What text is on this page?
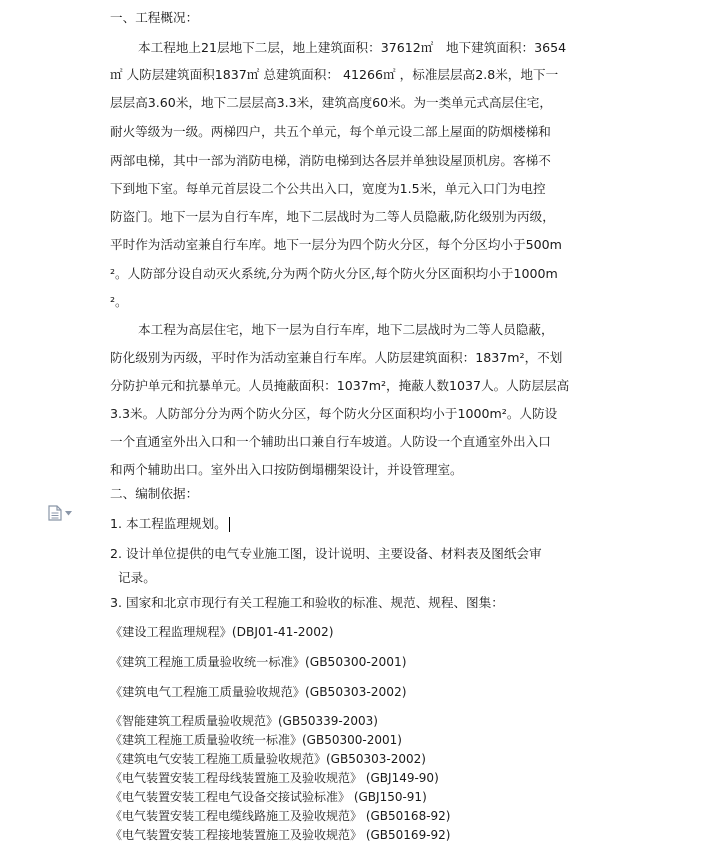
一、工程概况：
本工程地上21层地下二层，地上建筑面积：37612㎡　地下建筑面积：3654
㎡ 人防层建筑面积1837㎡ 总建筑面积： 41266㎡ ，标准层层高2.8米，地下一
层层高3.60米，地下二层层高3.3米，建筑高度60米。为一类单元式高层住宅，
耐火等级为一级。两梯四户，共五个单元，每个单元设二部上屋面的防烟楼梯和
两部电梯，其中一部为消防电梯，消防电梯到达各层并单独设屋顶机房。客梯不
下到地下室。每单元首层设二个公共出入口，宽度为1.5米，单元入口门为电控
防盗门。地下一层为自行车库，地下二层战时为二等人员隐蔽,防化级别为丙级，
平时作为活动室兼自行车库。地下一层分为四个防火分区，每个分区均小于500m
²。人防部分设自动灭火系统,分为两个防火分区,每个防火分区面积均小于1000m
²。
本工程为高层住宅，地下一层为自行车库，地下二层战时为二等人员隐蔽，
防化级别为丙级，平时作为活动室兼自行车库。人防层建筑面积：1837m²，不划
分防护单元和抗暴单元。人员掩蔽面积：1037m²，掩蔽人数1037人。人防层层高
3.3米。人防部分分为两个防火分区，每个防火分区面积均小于1000m²。人防设
一个直通室外出入口和一个辅助出口兼自行车坡道。人防设一个直通室外出入口
和两个辅助出口。室外出入口按防倒塌棚架设计，并设管理室。
二、编制依据：
1. 本工程监理规划。
2. 设计单位提供的电气专业施工图，设计说明、主要设备、材料表及图纸会审
记录。
3. 国家和北京市现行有关工程施工和验收的标准、规范、规程、图集：
《建设工程监理规程》(DBJ01-41-2002)
《建筑工程施工质量验收统一标准》(GB50300-2001)
《建筑电气工程施工质量验收规范》(GB50303-2002)
《智能建筑工程质量验收规范》(GB50339-2003)
《建筑工程施工质量验收统一标准》(GB50300-2001)
《建筑电气安装工程施工质量验收规范》(GB50303-2002)
《电气装置安装工程母线装置施工及验收规范》 (GBJ149-90)
《电气装置安装工程电气设备交接试验标准》 (GBJ150-91)
《电气装置安装工程电缆线路施工及验收规范》 (GB50168-92)
《电气装置安装工程接地装置施工及验收规范》 (GB50169-92)
